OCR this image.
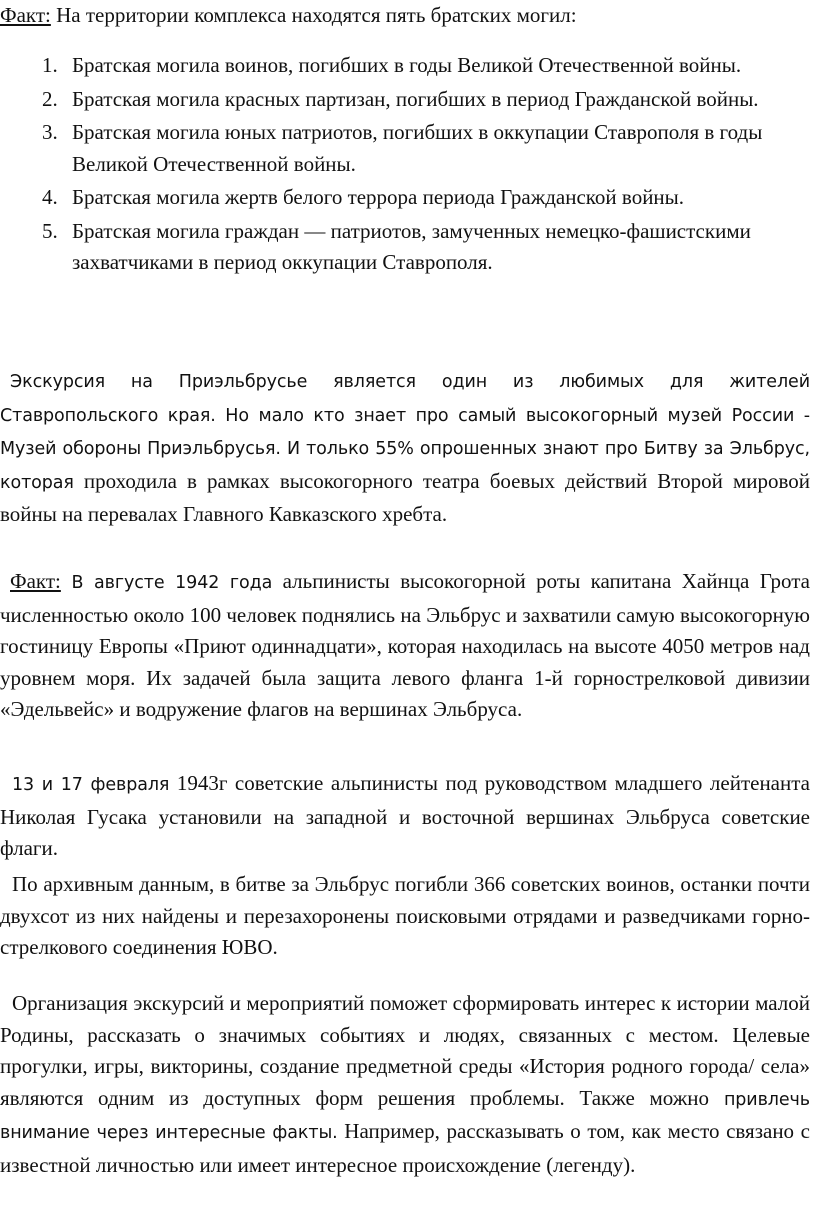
Факт: На территории комплекса находятся пять братских могил:

1. Братская могила воинов, погибших в годы Великой Отечественной войны.
2. Братская могила красных партизан, погибших в период Гражданской войны.
3. Братская могила юных патриотов, погибших в оккупации Ставрополя в годы Великой Отечественной войны.
4. Братская могила жертв белого террора периода Гражданской войны.
5. Братская могила граждан — патриотов, замученных немецко-фашистскими захватчиками в период оккупации Ставрополя.

Экскурсия на Приэльбрусье является один из любимых для жителей Ставропольского края. Но мало кто знает про самый высокогорный музей России - Музей обороны Приэльбрусья. И только 55% опрошенных знают про Битву за Эльбрус, которая проходила в рамках высокогорного театра боевых действий Второй мировой войны на перевалах Главного Кавказского хребта.

Факт: В августе 1942 года альпинисты высокогорной роты капитана Хайнца Грота численностью около 100 человек поднялись на Эльбрус и захватили самую высокогорную гостиницу Европы «Приют одиннадцати», которая находилась на высоте 4050 метров над уровнем моря. Их задачей была защита левого фланга 1-й горнострелковой дивизии «Эдельвейс» и водружение флагов на вершинах Эльбруса.

13 и 17 февраля 1943г советские альпинисты под руководством младшего лейтенанта Николая Гусака установили на западной и восточной вершинах Эльбруса советские флаги.

По архивным данным, в битве за Эльбрус погибли 366 советских воинов, останки почти двухсот из них найдены и перезахоронены поисковыми отрядами и разведчиками горно-стрелкового соединения ЮВО.

Организация экскурсий и мероприятий поможет сформировать интерес к истории малой Родины, рассказать о значимых событиях и людях, связанных с местом. Целевые прогулки, игры, викторины, создание предметной среды «История родного города/ села» являются одним из доступных форм решения проблемы. Также можно привлечь внимание через интересные факты. Например, рассказывать о том, как место связано с известной личностью или имеет интересное происхождение (легенду).
